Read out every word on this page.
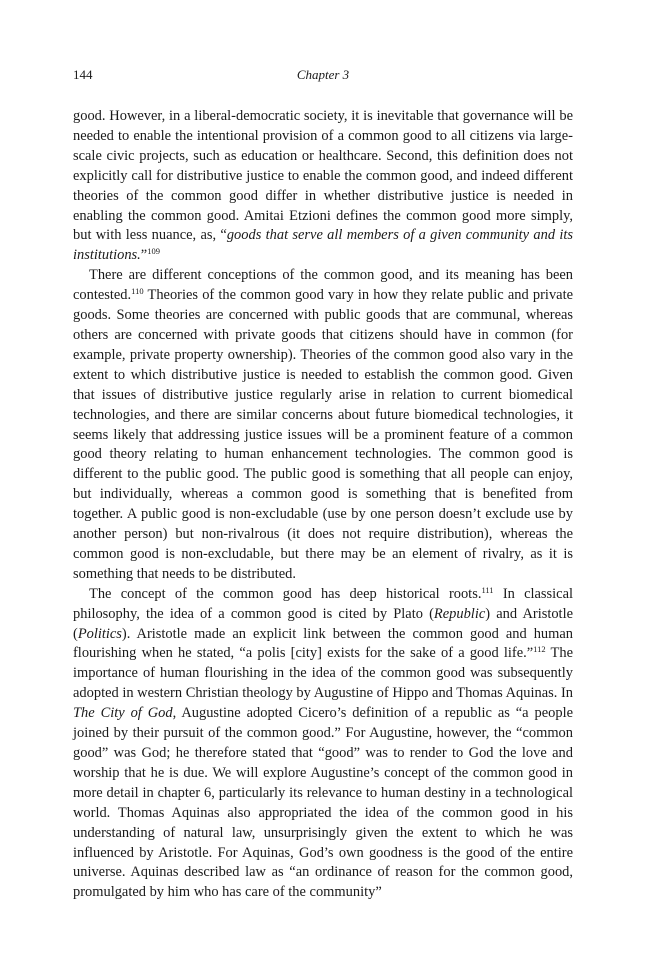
144	Chapter 3

good. However, in a liberal-democratic society, it is inevitable that governance will be needed to enable the intentional provision of a common good to all citizens via large-scale civic projects, such as education or healthcare. Second, this definition does not explicitly call for distributive justice to enable the common good, and indeed different theories of the common good differ in whether distributive justice is needed in enabling the common good. Amitai Etzioni defines the common good more simply, but with less nuance, as, “goods that serve all members of a given community and its institutions.”$^{109}$

There are different conceptions of the common good, and its meaning has been contested.$^{110}$ Theories of the common good vary in how they relate public and private goods. Some theories are concerned with public goods that are communal, whereas others are concerned with private goods that citizens should have in common (for example, private property ownership). Theories of the common good also vary in the extent to which distributive justice is needed to establish the common good. Given that issues of distributive justice regularly arise in relation to current biomedical technologies, and there are similar concerns about future biomedical technologies, it seems likely that addressing justice issues will be a prominent feature of a common good theory relating to human enhancement technologies. The common good is different to the public good. The public good is something that all people can enjoy, but individually, whereas a common good is something that is benefited from together. A public good is non-excludable (use by one person doesn’t exclude use by another person) but non-rivalrous (it does not require distribution), whereas the common good is non-excludable, but there may be an element of rivalry, as it is something that needs to be distributed.

The concept of the common good has deep historical roots.$^{111}$ In classical philosophy, the idea of a common good is cited by Plato (Republic) and Aristotle (Politics). Aristotle made an explicit link between the common good and human flourishing when he stated, “a polis [city] exists for the sake of a good life.”$^{112}$ The importance of human flourishing in the idea of the common good was subsequently adopted in western Christian theology by Augustine of Hippo and Thomas Aquinas. In The City of God, Augustine adopted Cicero’s definition of a republic as “a people joined by their pursuit of the common good.” For Augustine, however, the “common good” was God; he therefore stated that “good” was to render to God the love and worship that he is due. We will explore Augustine’s concept of the common good in more detail in chapter 6, particularly its relevance to human destiny in a technological world. Thomas Aquinas also appropriated the idea of the common good in his understanding of natural law, unsurprisingly given the extent to which he was influenced by Aristotle. For Aquinas, God’s own goodness is the good of the entire universe. Aquinas described law as “an ordinance of reason for the common good, promulgated by him who has care of the community”
